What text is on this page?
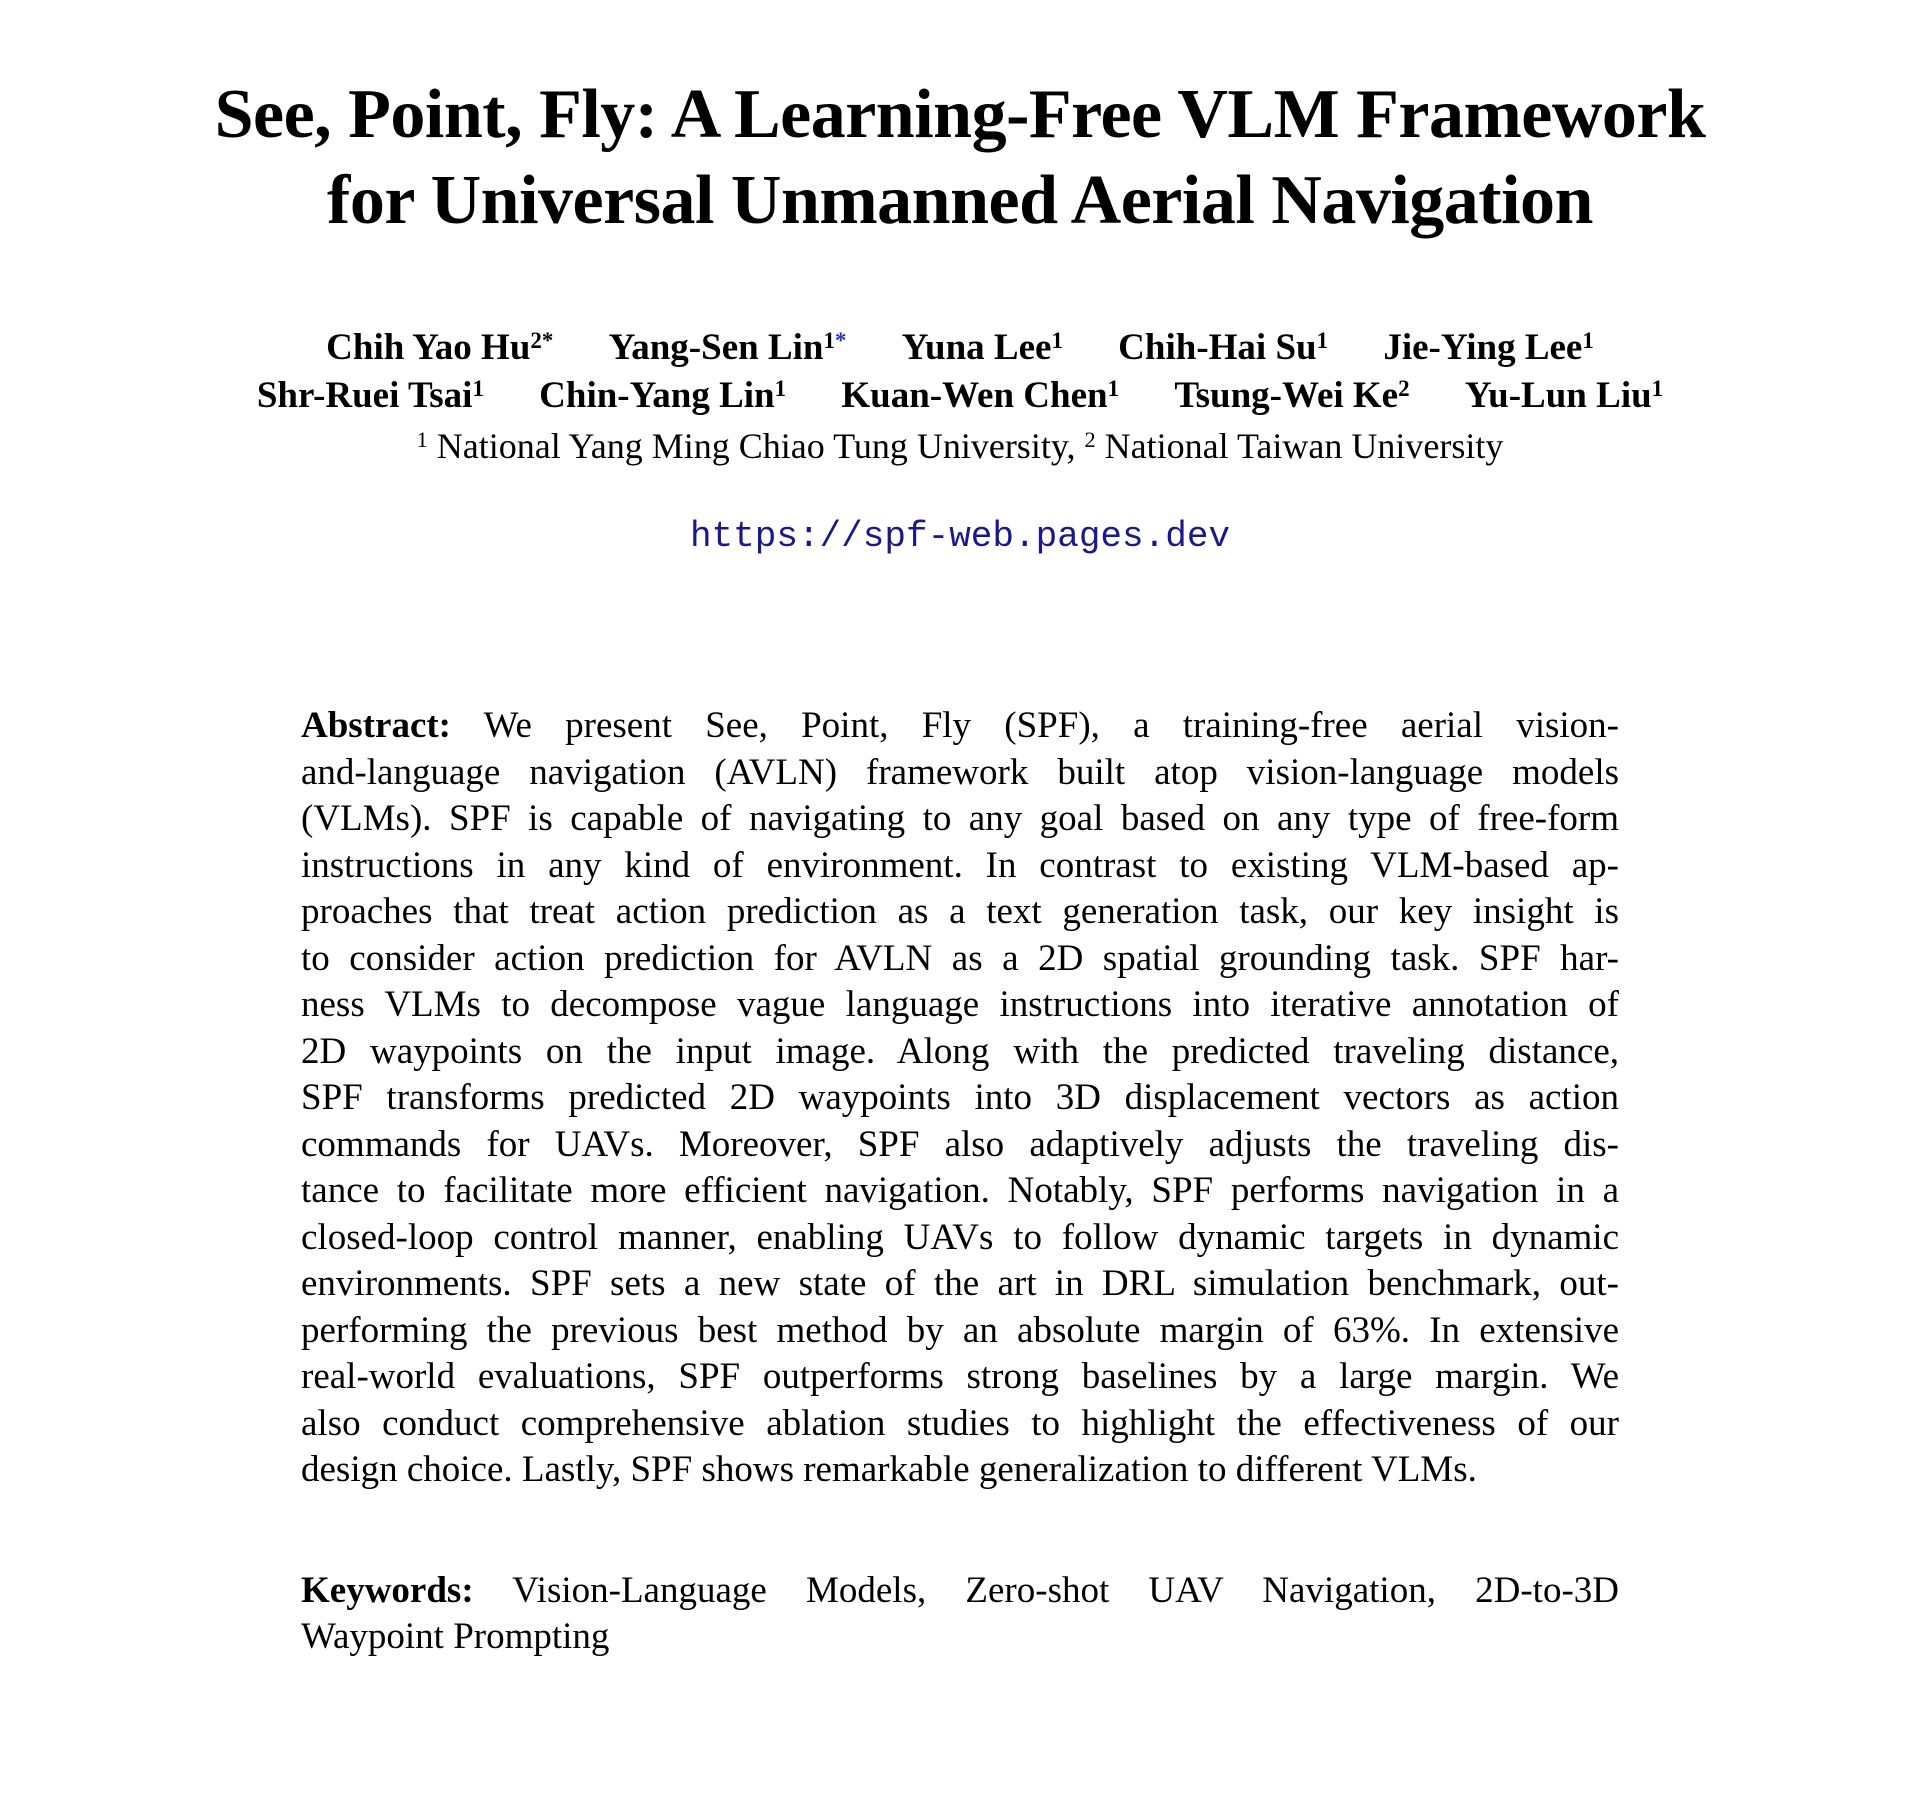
See, Point, Fly: A Learning-Free VLM Framework
for Universal Unmanned Aerial Navigation
Chih Yao $Hu^{2*}$ Yang-Sen Lin$^{1*}$ Yuna Lee$^1$ Chih-Hai Su$^1$ Jie-Ying Lee$^1$
Shr-Ruei Tsai$^1$ Chin-Yang Lin$^1$ Kuan-Wen Chen$^1$ Tsung-Wei Ke$^2$ Yu-Lun Liu$^1$
$^1$ National Yang Ming Chiao Tung University, $^2$ National Taiwan University
https://spf-web.pages.dev
Abstract: We present See, Point, Fly (SPF), a training-free aerial vision-
and-language navigation (AVLN) framework built atop vision-language models
(VLMs). SPF is capable of navigating to any goal based on any type of free-form
instructions in any kind of environment. In contrast to existing VLM-based ap-
proaches that treat action prediction as a text generation task, our key insight is
to consider action prediction for AVLN as a 2D spatial grounding task. SPF har-
ness VLMs to decompose vague language instructions into iterative annotation of
2D waypoints on the input image. Along with the predicted traveling distance,
SPF transforms predicted 2D waypoints into 3D displacement vectors as action
commands for UAVs. Moreover, SPF also adaptively adjusts the traveling dis-
tance to facilitate more efficient navigation. Notably, SPF performs navigation in a
closed-loop control manner, enabling UAVs to follow dynamic targets in dynamic
environments. SPF sets a new state of the art in DRL simulation benchmark, out-
performing the previous best method by an absolute margin of 63%. In extensive
real-world evaluations, SPF outperforms strong baselines by a large margin. We
also conduct comprehensive ablation studies to highlight the effectiveness of our
design choice. Lastly, SPF shows remarkable generalization to different VLMs.
Keywords: Vision-Language Models, Zero-shot UAV Navigation, 2D-to-3D
Waypoint Prompting
